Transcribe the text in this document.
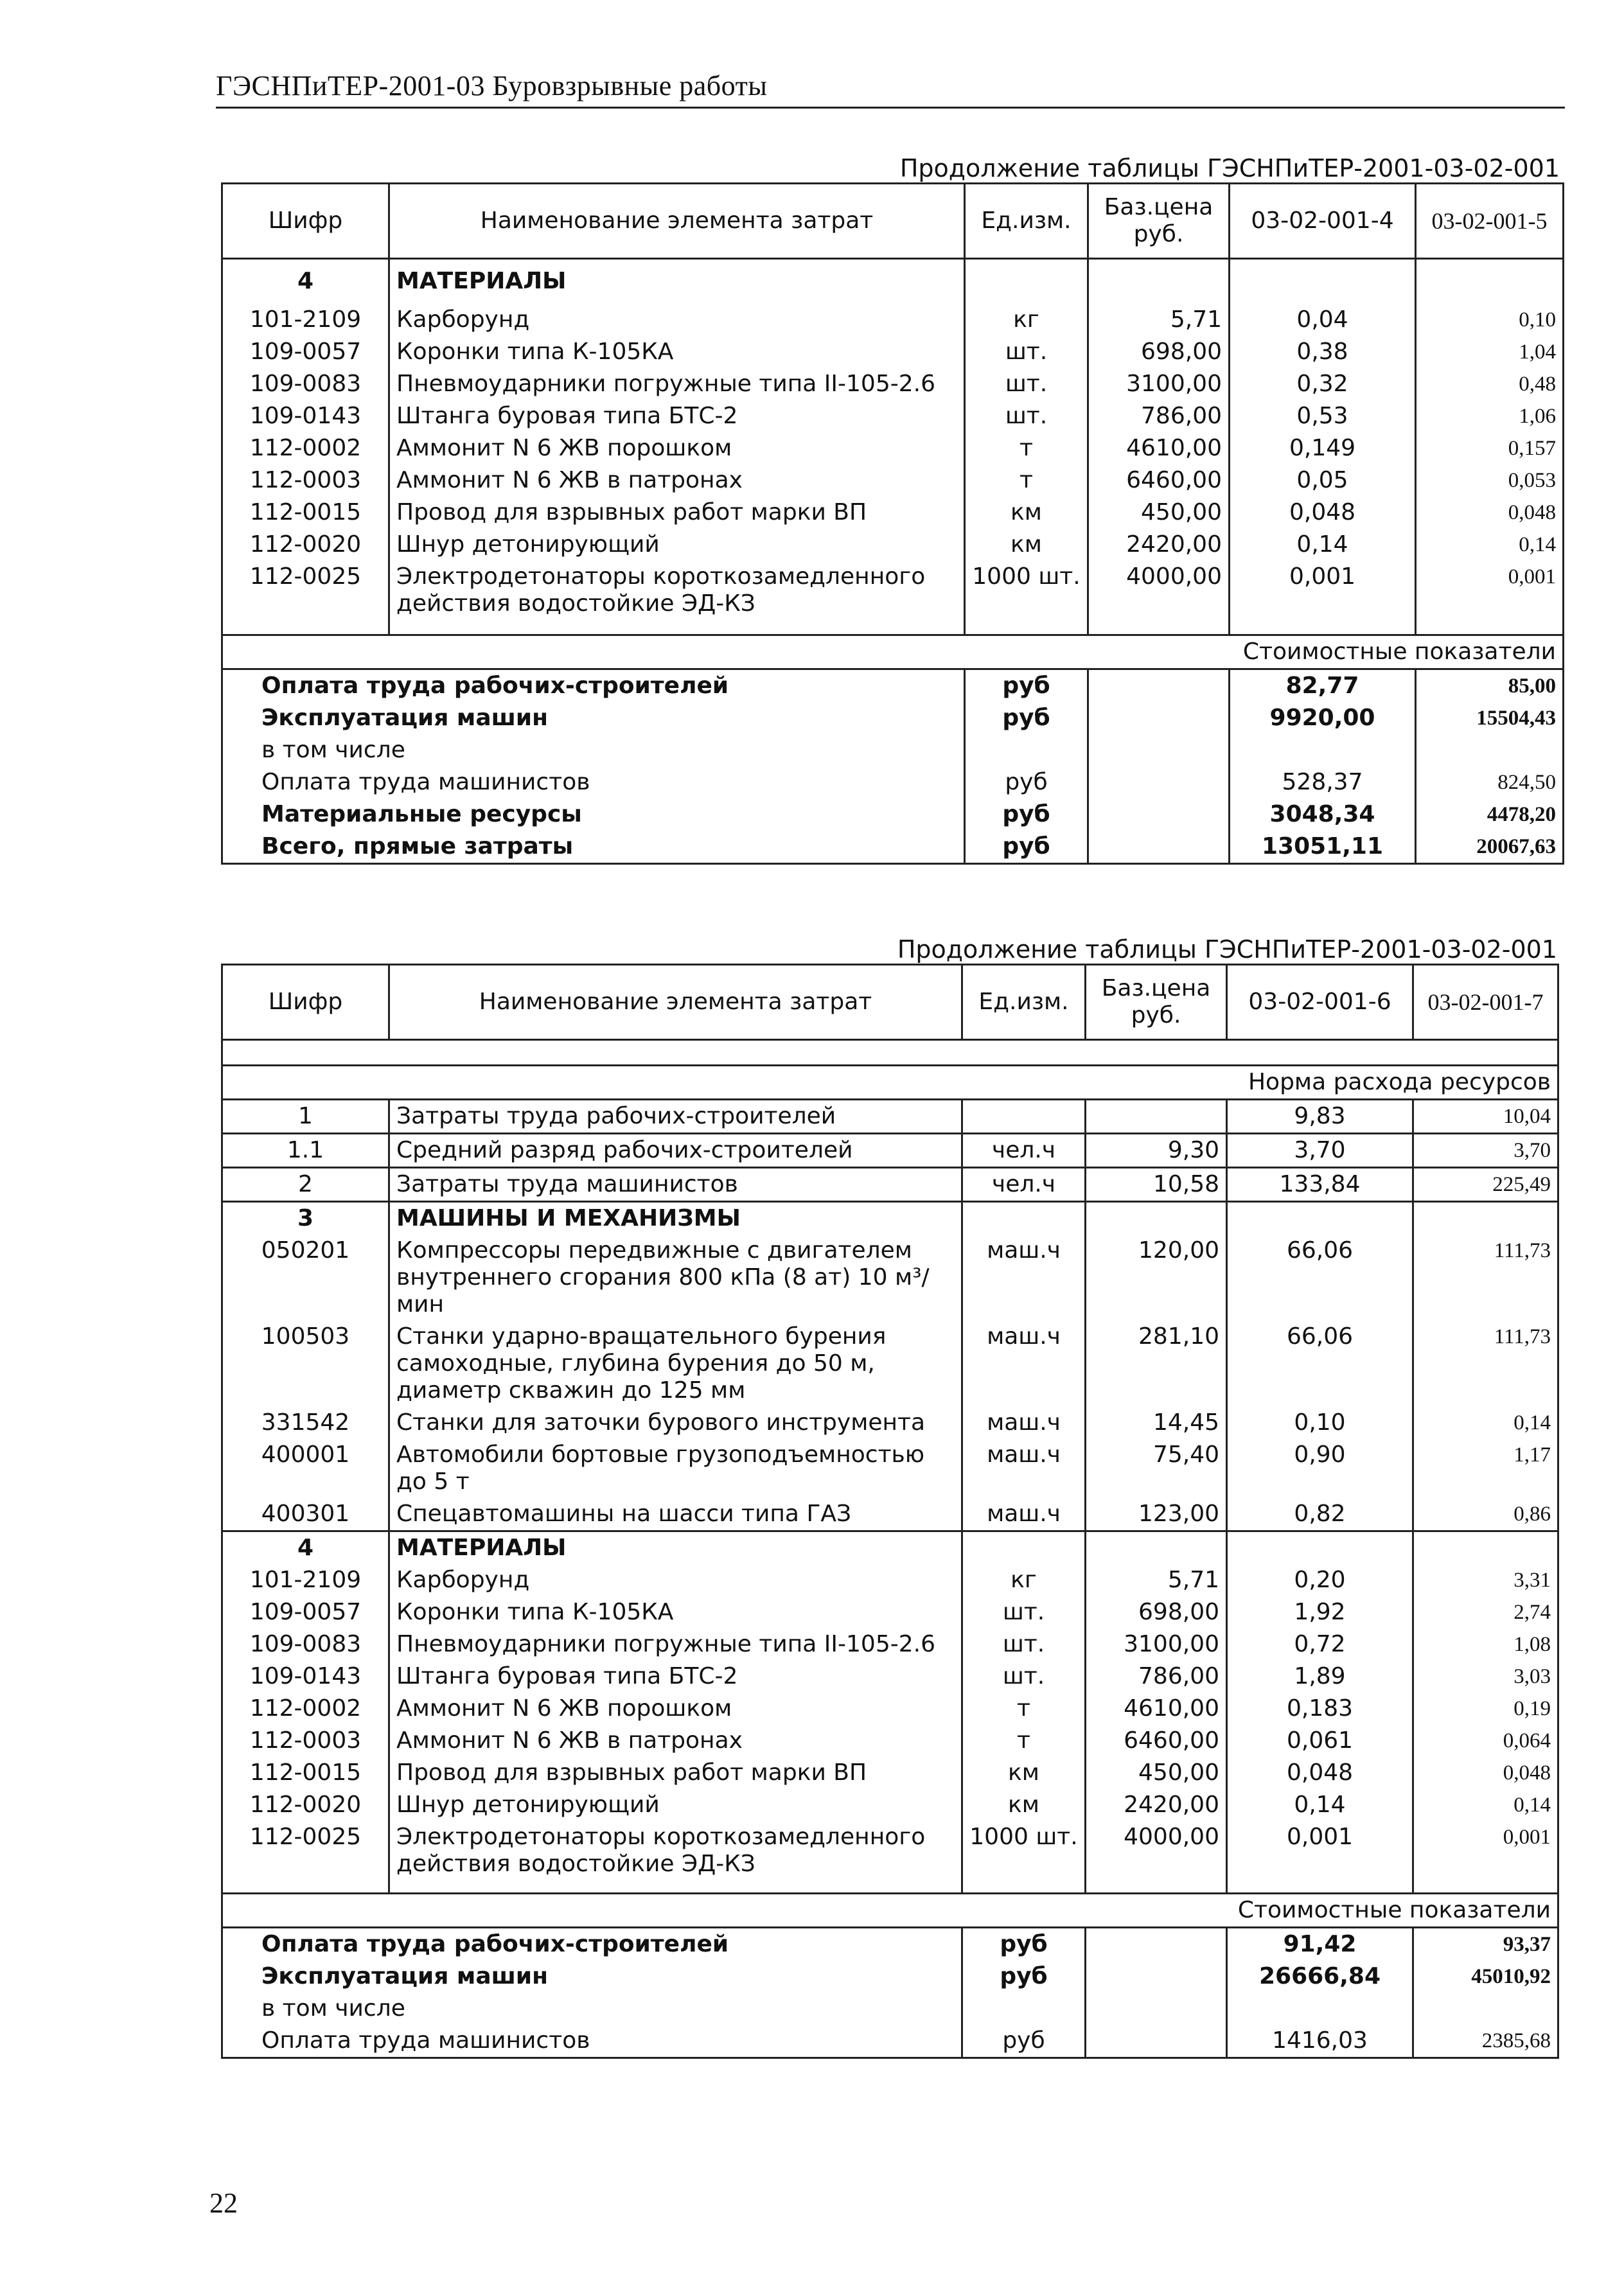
ГЭСНПиТЕР-2001-03 Буровзрывные работы
Продолжение таблицы ГЭСНПиТЕР-2001-03-02-001
Шифр	Наименование элемента затрат	Ед.изм.	Баз.цена руб.	03-02-001-4	03-02-001-5
4	МАТЕРИАЛЫ				
101-2109	Карборунд	кг	5,71	0,04	0,10
109-0057	Коронки типа К-105КА	шт.	698,00	0,38	1,04
109-0083	Пневмоударники погружные типа II-105-2.6	шт.	3100,00	0,32	0,48
109-0143	Штанга буровая типа БТС-2	шт.	786,00	0,53	1,06
112-0002	Аммонит N 6 ЖВ порошком	т	4610,00	0,149	0,157
112-0003	Аммонит N 6 ЖВ в патронах	т	6460,00	0,05	0,053
112-0015	Провод для взрывных работ марки ВП	км	450,00	0,048	0,048
112-0020	Шнур детонирующий	км	2420,00	0,14	0,14
112-0025	Электродетонаторы короткозамедленного действия водостойкие ЭД-КЗ	1000 шт.	4000,00	0,001	0,001

Стоимостные показатели					
Оплата труда рабочих-строителей		руб		82,77	85,00
Эксплуатация машин		руб		9920,00	15504,43
в том числе					
Оплата труда машинистов		руб		528,37	824,50
Материальные ресурсы		руб		3048,34	4478,20
Всего, прямые затраты		руб		13051,11	20067,63
Продолжение таблицы ГЭСНПиТЕР-2001-03-02-001
Шифр	Наименование элемента затрат	Ед.изм.	Баз.цена руб.	03-02-001-6	03-02-001-7

Норма расхода ресурсов					
1	Затраты труда рабочих-строителей			9,83	10,04
1.1	Средний разряд рабочих-строителей	чел.ч	9,30	3,70	3,70
2	Затраты труда машинистов	чел.ч	10,58	133,84	225,49
3	МАШИНЫ И МЕХАНИЗМЫ				
050201	Компрессоры передвижные с двигателем внутреннего сгорания 800 кПа (8 ат) 10 м³/мин	маш.ч	120,00	66,06	111,73
100503	Станки ударно-вращательного бурения самоходные, глубина бурения до 50 м, диаметр скважин до 125 мм	маш.ч	281,10	66,06	111,73
331542	Станки для заточки бурового инструмента	маш.ч	14,45	0,10	0,14
400001	Автомобили бортовые грузоподъемностью до 5 т	маш.ч	75,40	0,90	1,17
400301	Спецавтомашины на шасси типа ГАЗ	маш.ч	123,00	0,82	0,86
4	МАТЕРИАЛЫ				
101-2109	Карборунд	кг	5,71	0,20	3,31
109-0057	Коронки типа К-105КА	шт.	698,00	1,92	2,74
109-0083	Пневмоударники погружные типа II-105-2.6	шт.	3100,00	0,72	1,08
109-0143	Штанга буровая типа БТС-2	шт.	786,00	1,89	3,03
112-0002	Аммонит N 6 ЖВ порошком	т	4610,00	0,183	0,19
112-0003	Аммонит N 6 ЖВ в патронах	т	6460,00	0,061	0,064
112-0015	Провод для взрывных работ марки ВП	км	450,00	0,048	0,048
112-0020	Шнур детонирующий	км	2420,00	0,14	0,14
112-0025	Электродетонаторы короткозамедленного действия водостойкие ЭД-КЗ	1000 шт.	4000,00	0,001	0,001

Стоимостные показатели					
Оплата труда рабочих-строителей		руб		91,42	93,37
Эксплуатация машин		руб		26666,84	45010,92
в том числе					
Оплата труда машинистов		руб		1416,03	2385,68
22
